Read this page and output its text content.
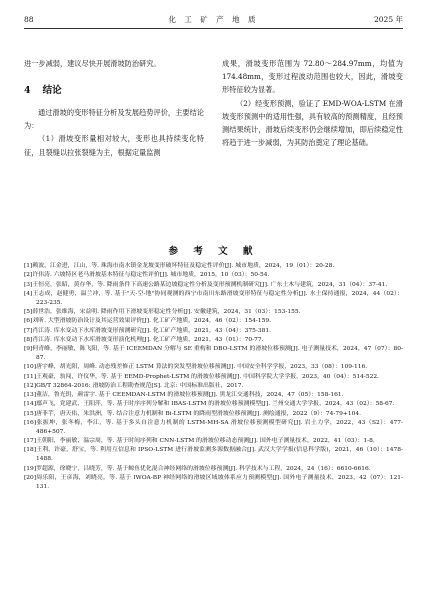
88	化 工 矿 产 地 质	2025 年

进一步减弱，建议尽快开展滑坡防治研究。

4 结论

通过滑坡的变形特征分析及发展趋势评价，主要结论为：

（1）滑坡变形量相对较大，变形也具持续变化特征，且裂缝以拉张裂缝为主，根据定量监测

成果，滑坡变形范围为 72.80～284.97mm，均值为 174.48mm，变形过程波动范围也较大，因此，滑坡变形特征较为显著。

（2）经变形预测，验证了 EMD-WOA-LSTM 在滑坡变形预测中的适用性强，具有较高的预测精度，且经预测结果统计，滑坡后续变形仍会继续增加，即后续稳定性将趋于进一步减弱，为其防治奠定了理论基础。

参 考 文 献

[1]赖波，江金进，江山，等. 珠海市南水镇金龙坡变形破坏特征及稳定性评价[J]. 城市地质，2024，19（01）：20-28.

[2]许伟涛. 六坡特区老马滑坡基本特征与稳定性评价[J]. 城市地质，2015，10（03）：50-54.

[3]王恒亮，张昭，黄存华，等. 降雨条件下高速公路某边坡稳定性分析及变形预测机制研究[J]. 广东土木与建筑，2024，31（04）：37-41.

[4]王志成，赵健勇，温兰冲，等. 基于"天-空-地"协同观测的西宁市南川东路滑坡变形特征与稳定性分析[J]. 水土保持通报，2024，44（02）：223-235.

[5]薛世浩，张维海，宋益明. 降雨作用下滑坡变形稳定性分析[J]. 安徽建筑，2024，31（03）：153-155.

[6]刘昕. 大型滑坡防治设计及其运营效果评价[J]. 化工矿产地质，2024，46（02）：154-159.

[7]肖江涛. 库水变动下水库滑坡变形预测研究[J]. 化工矿产地质，2021，43（04）：375-381.

[8]肖江涛. 库水变动下水库滑坡变形演化机理[J]. 化工矿产地质，2021，43（01）：70-77.

[9]何青峰，李丽敏，陈飞阳，等. 基于 ICEEMDAN 分解与 SE 重构和 DBO-LSTM 的滑坡位移预测[J]. 电子测量技术，2024，47（07）：80-87.

[10]唐宇峰，胡光阳，周峰. 动态残差修正 LSTM 算法的突发型滑坡位移预测[J]. 中国安全科学学报，2023，33（08）：109-116.

[11]王观豪，翁闯，许仪华，等. 基于 EEMD-Prophet-LSTM 的滑坡位移预测[J]. 中国科学院大学学报，2023，40（04）：514-522.

[12]GB/T 32864-2016: 滑坡防治工程勘查规范[S]. 北京: 中国标准出版社，2017.

[13]董洁，鲁光钥，颜雷宇. 基于 CEEMDAN-LSTM 的滑坡位移预测[J]. 黑龙江交通科技，2024，47（05）：158-161.

[14]鄢声飞，党建武，王阳萍，等. 基于时序序列分解和 IBAS-LSTM 的滑坡位移预测模型[J]. 兰州交通大学学报，2024，43（02）：58-67.

[15]唐菲芋，唐天佑，朱洪洲，等. 结合注意力机制和 Bi-LSTM 的降雨型滑坡位移预测[J]. 测绘通报，2022（9）：74-79+104.

[16]张振坤，张冬梅，李江，等. 基于多头自注意力机制的 LSTM-MH-SA 滑坡位移预测模型研究[J]. 岩土力学，2022，43（S2）：477-486+507.

[17]王朝阳，李丽敏，温宗周，等. 基于时间序列和 CNN-LSTM 的滑坡位移动态预测[J]. 国外电子测量技术，2022，41（03）：1-8.

[18]王利，许豪，舒宝，等. 利用互信息和 IPSO-LSTM 进行滑坡监测多源数据融合[J]. 武汉大学学报(信息科学版)，2021，46（10）：1478-1488.

[19]罗超源，徐晓宁，吕晓芳，等. 基于鲸鱼优化混合神经网络的滑坡位移预测[J]. 科学技术与工程，2024，24（16）：6610-6616.

[20]周乐阳，王彦海，刘晓亮，等. 基于 IWOA-BP 神经网络的滑坡区域坡体系应力预测模型[J]. 国外电子测量技术，2023，42（07）：121-131.
